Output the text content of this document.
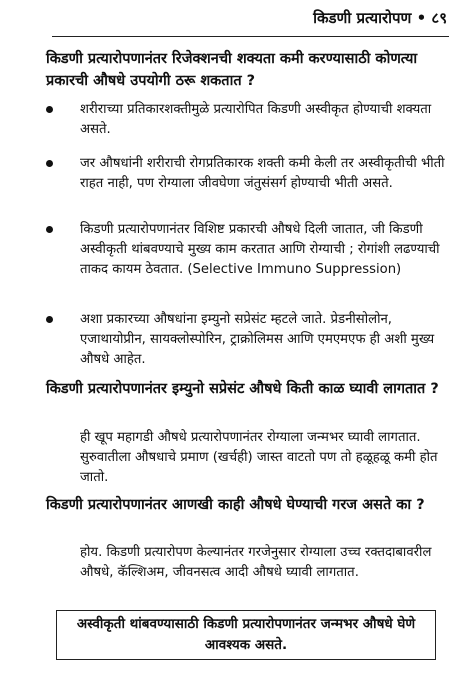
किडणी प्रत्यारोपण • ८९
किडणी प्रत्यारोपणानंतर रिजेक्शनची शक्यता कमी करण्यासाठी कोणत्या प्रकारची औषधे उपयोगी ठरू शकतात ?
शरीराच्या प्रतिकारशक्तीमुळे प्रत्यारोपित किडणी अस्वीकृत होण्याची शक्यता असते.
जर औषधांनी शरीराची रोगप्रतिकारक शक्ती कमी केली तर अस्वीकृतीची भीती राहत नाही, पण रोग्याला जीवघेणा जंतुसंसर्ग होण्याची भीती असते.
किडणी प्रत्यारोपणानंतर विशिष्ट प्रकारची औषधे दिली जातात, जी किडणी अस्वीकृती थांबवण्याचे मुख्य काम करतात आणि रोग्याची ; रोगांशी लढण्याची ताकद कायम ठेवतात. (Selective Immuno Suppression)
अशा प्रकारच्या औषधांना इम्युनो सप्रेसंट म्हटले जाते. प्रेडनीसोलोन, एजाथायोप्रीन, सायक्लोस्पोरिन, ट्राक्रोलिमस आणि एमएमएफ ही अशी मुख्य औषधे आहेत.
किडणी प्रत्यारोपणानंतर इम्युनो सप्रेसंट औषधे किती काळ घ्यावी लागतात ?
ही खूप महागडी औषधे प्रत्यारोपणानंतर रोग्याला जन्मभर घ्यावी लागतात. सुरुवातीला औषधाचे प्रमाण (खर्चही) जास्त वाटतो पण तो हळूहळू कमी होत जातो.
किडणी प्रत्यारोपणानंतर आणखी काही औषधे घेण्याची गरज असते का ?
होय. किडणी प्रत्यारोपण केल्यानंतर गरजेनुसार रोग्याला उच्च रक्तदाबावरील औषधे, कॅल्शिअम, जीवनसत्व आदी औषधे घ्यावी लागतात.
अस्वीकृती थांबवण्यासाठी किडणी प्रत्यारोपणानंतर जन्मभर औषधे घेणे आवश्यक असते.
